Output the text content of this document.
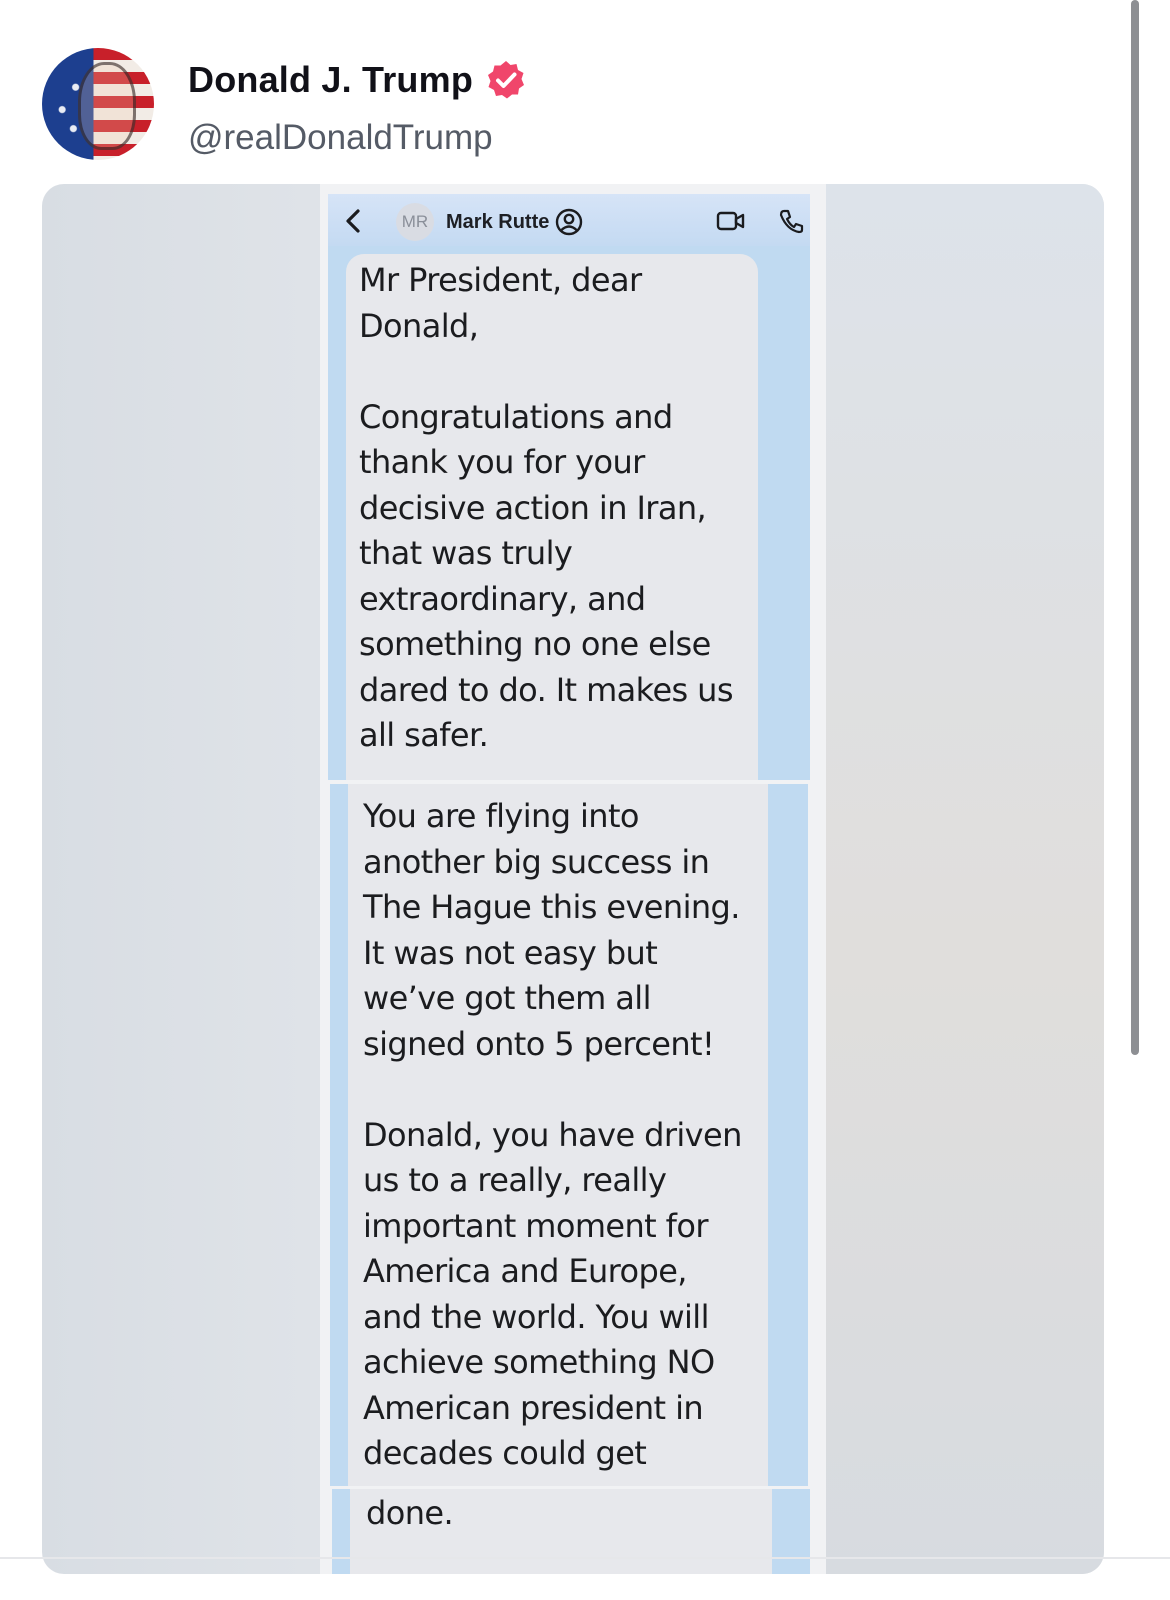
Donald J. Trump
@realDonaldTrump
MR Mark Rutte

Mr President, dear
Donald,

Congratulations and
thank you for your
decisive action in Iran,
that was truly
extraordinary, and
something no one else
dared to do. It makes us
all safer.

You are flying into
another big success in
The Hague this evening.
It was not easy but
we’ve got them all
signed onto 5 percent!

Donald, you have driven
us to a really, really
important moment for
America and Europe,
and the world. You will
achieve something NO
American president in
decades could get

done.
